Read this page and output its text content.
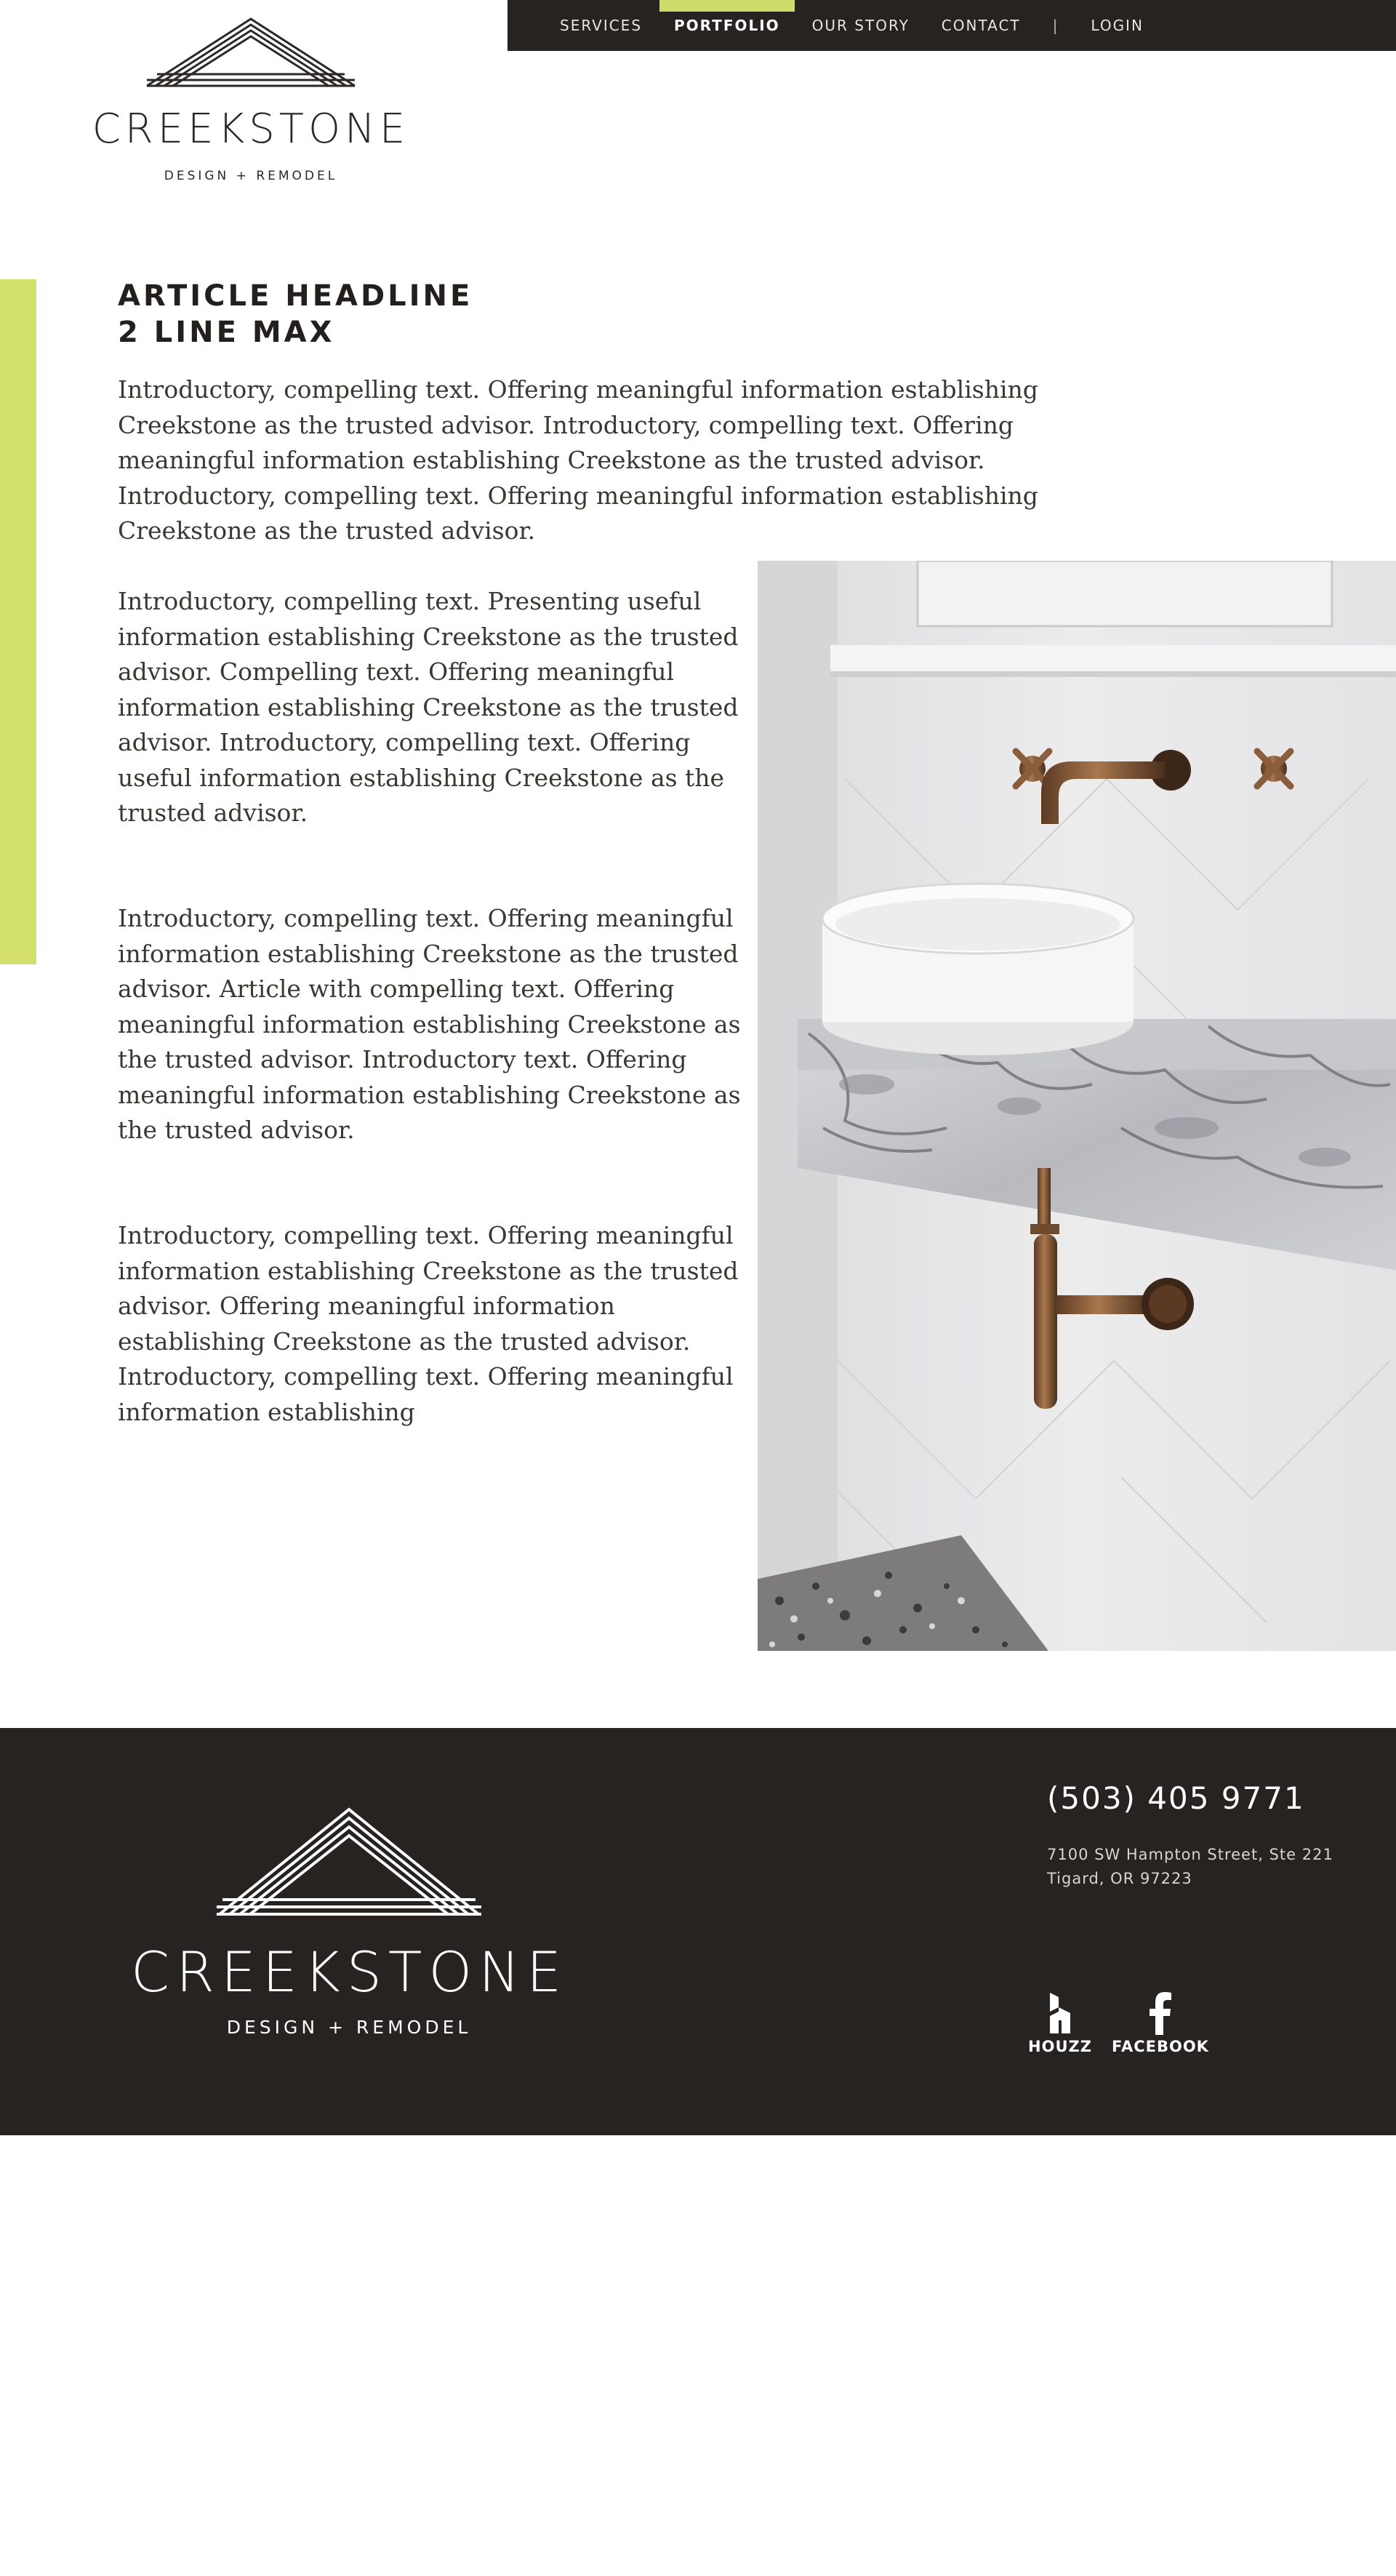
CREEKSTONE
DESIGN + REMODEL
SERVICES	PORTFOLIO	OUR STORY CONTACT | LOGIN
ARTICLE HEADLINE
2 LINE MAX

Introductory, compelling text. Offering meaningful information establishing Creekstone as the trusted advisor. Introductory, compelling text. Offering meaningful information establishing Creekstone as the trusted advisor. Introductory, compelling text. Offering meaningful information establishing Creekstone as the trusted advisor.

Introductory, compelling text. Presenting useful information establishing Creekstone as the trusted advisor. Compelling text. Offering meaningful information establishing Creekstone as the trusted advisor. Introductory, compelling text. Offering useful information establishing Creekstone as the trusted advisor.

Introductory, compelling text. Offering meaningful information establishing Creekstone as the trusted advisor. Article with compelling text. Offering meaningful information establishing Creekstone as the trusted advisor. Introductory text. Offering meaningful information establishing Creekstone as the trusted advisor.

Introductory, compelling text. Offering meaningful information establishing Creekstone as the trusted advisor. Offering meaningful information establishing Creekstone as the trusted advisor. Introductory, compelling text. Offering meaningful information establishing

CREEKSTONE
DESIGN + REMODEL
(503) 405 9771
7100 SW Hampton Street, Ste 221
Tigard, OR 97223
HOUZZ	FACEBOOK
